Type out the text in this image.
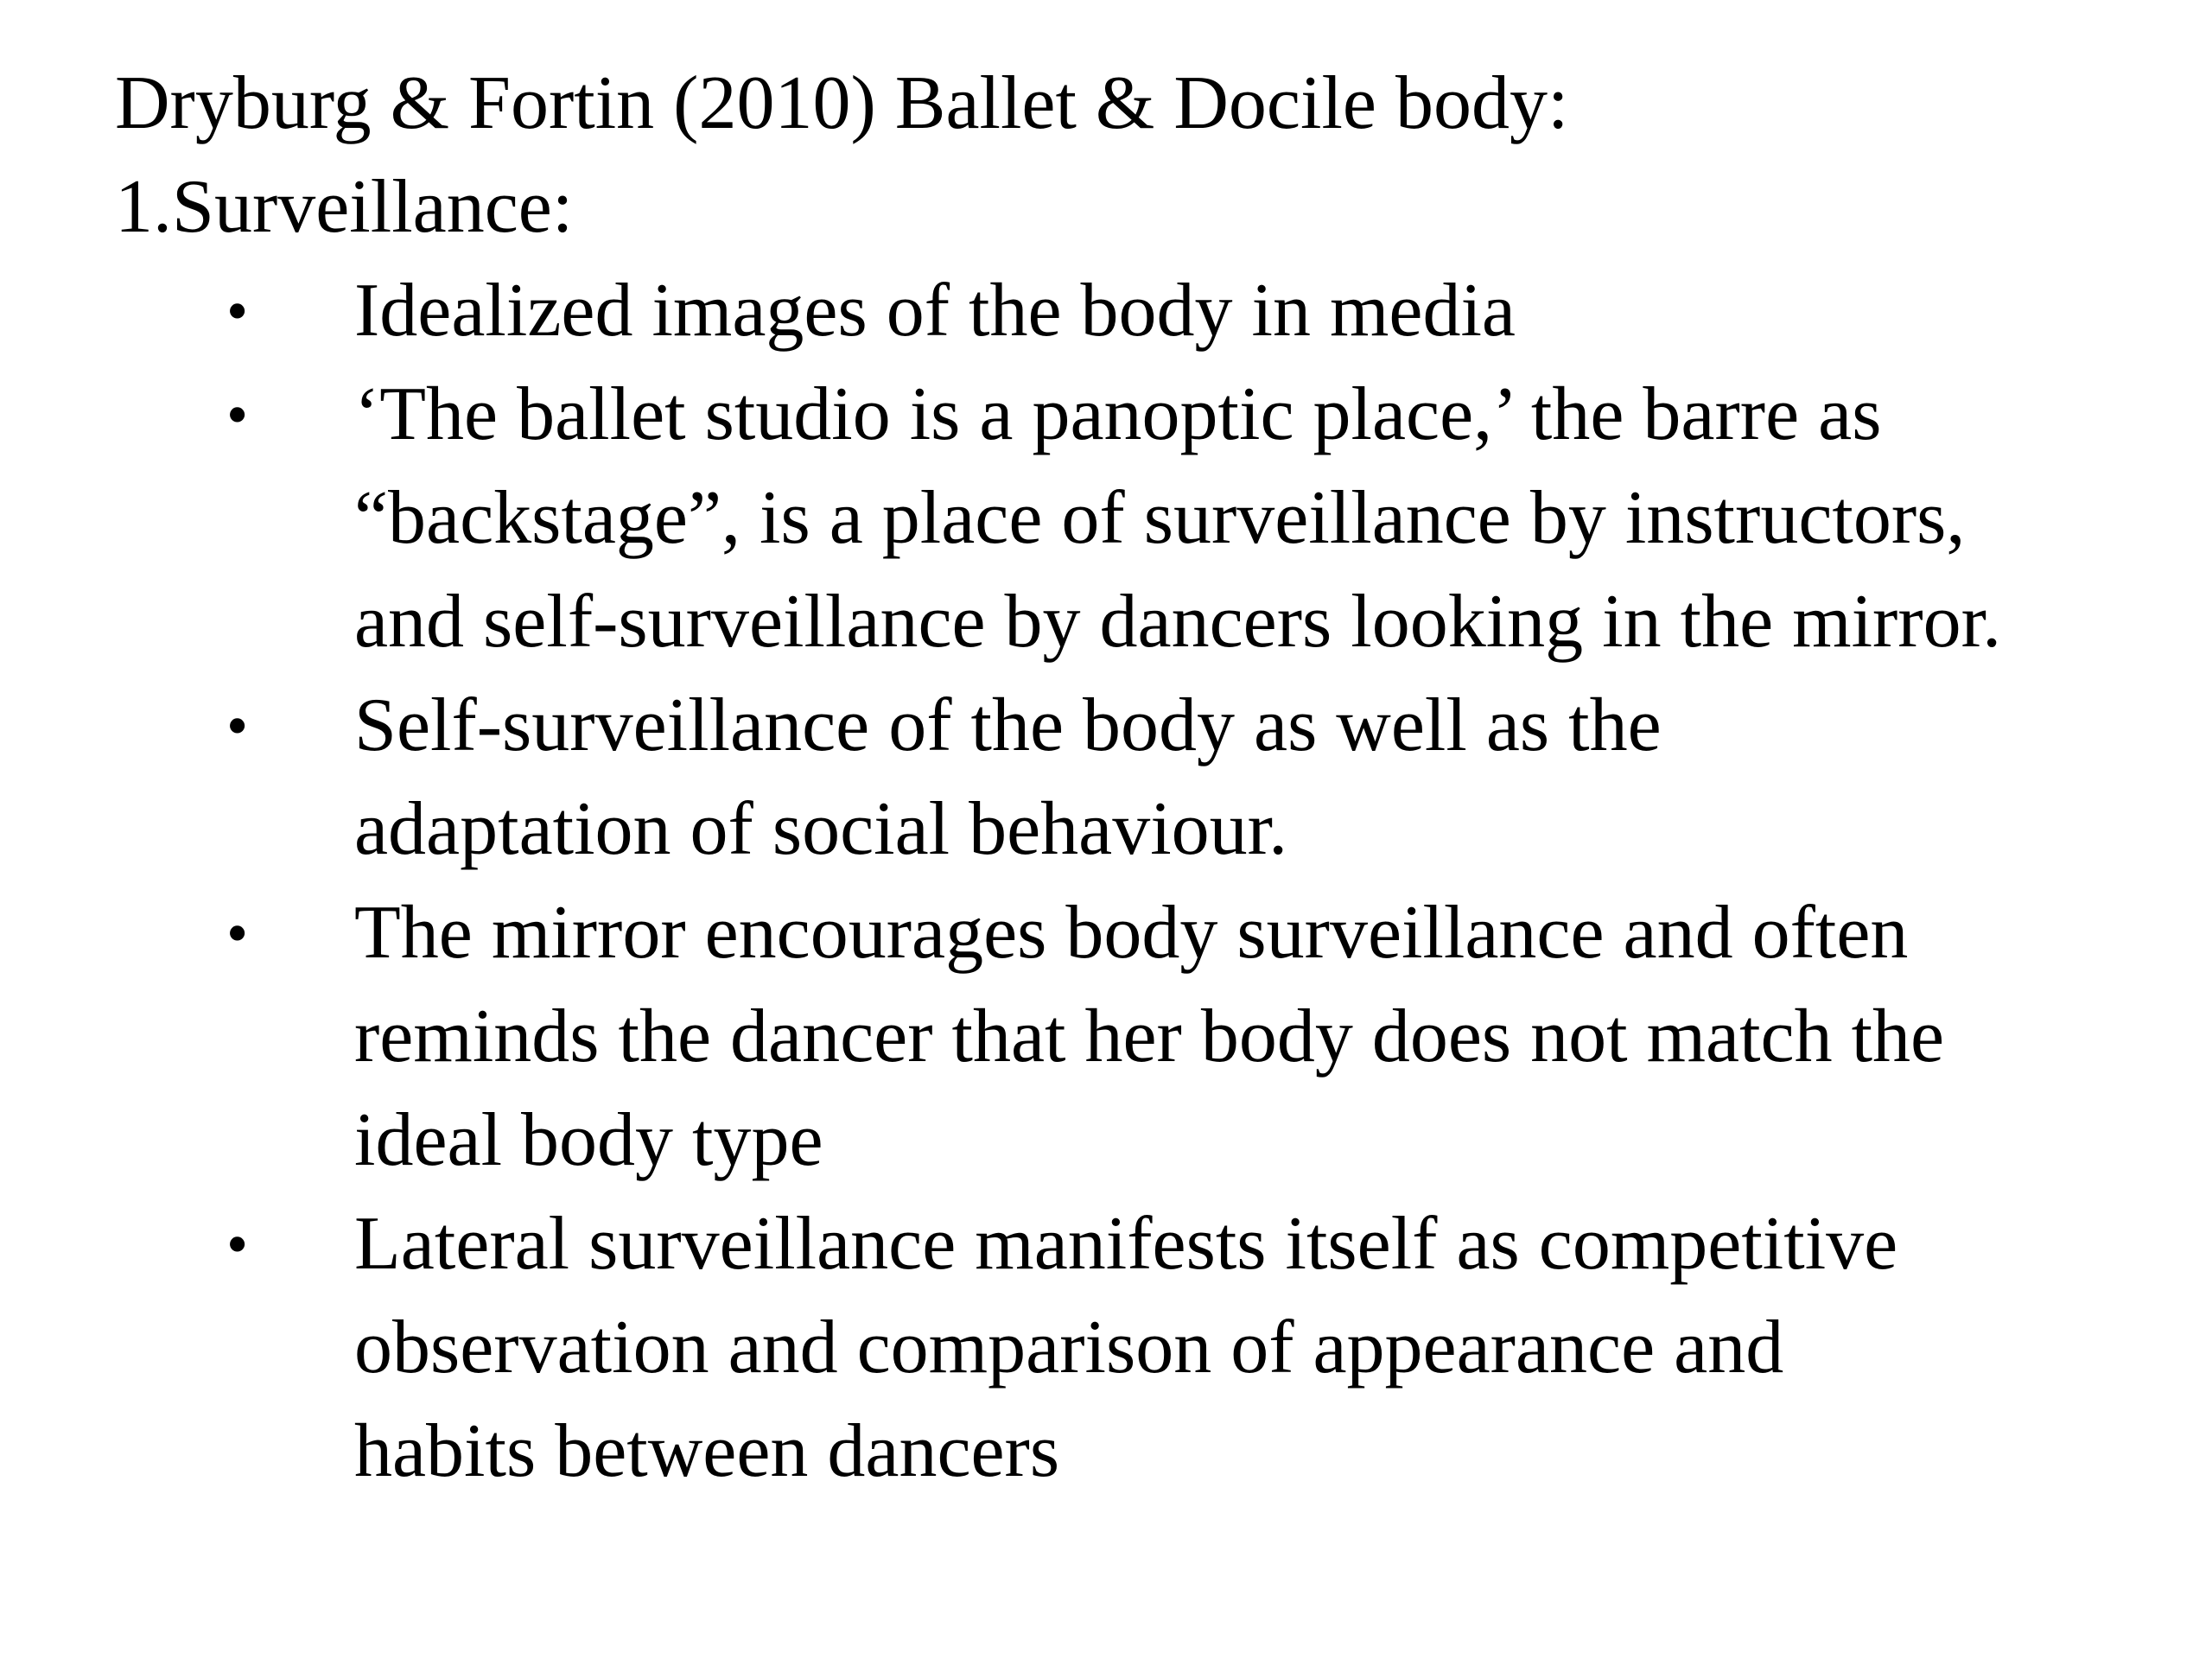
Dryburg & Fortin (2010) Ballet & Docile body:

1.Surveillance:

• Idealized images of the body in media
• ‘The ballet studio is a panoptic place,’ the barre as
“backstage”, is a place of surveillance by instructors,
and self-surveillance by dancers looking in the mirror.
• Self-surveillance of the body as well as the
adaptation of social behaviour.
• The mirror encourages body surveillance and often
reminds the dancer that her body does not match the
ideal body type
• Lateral surveillance manifests itself as competitive
observation and comparison of appearance and
habits between dancers
